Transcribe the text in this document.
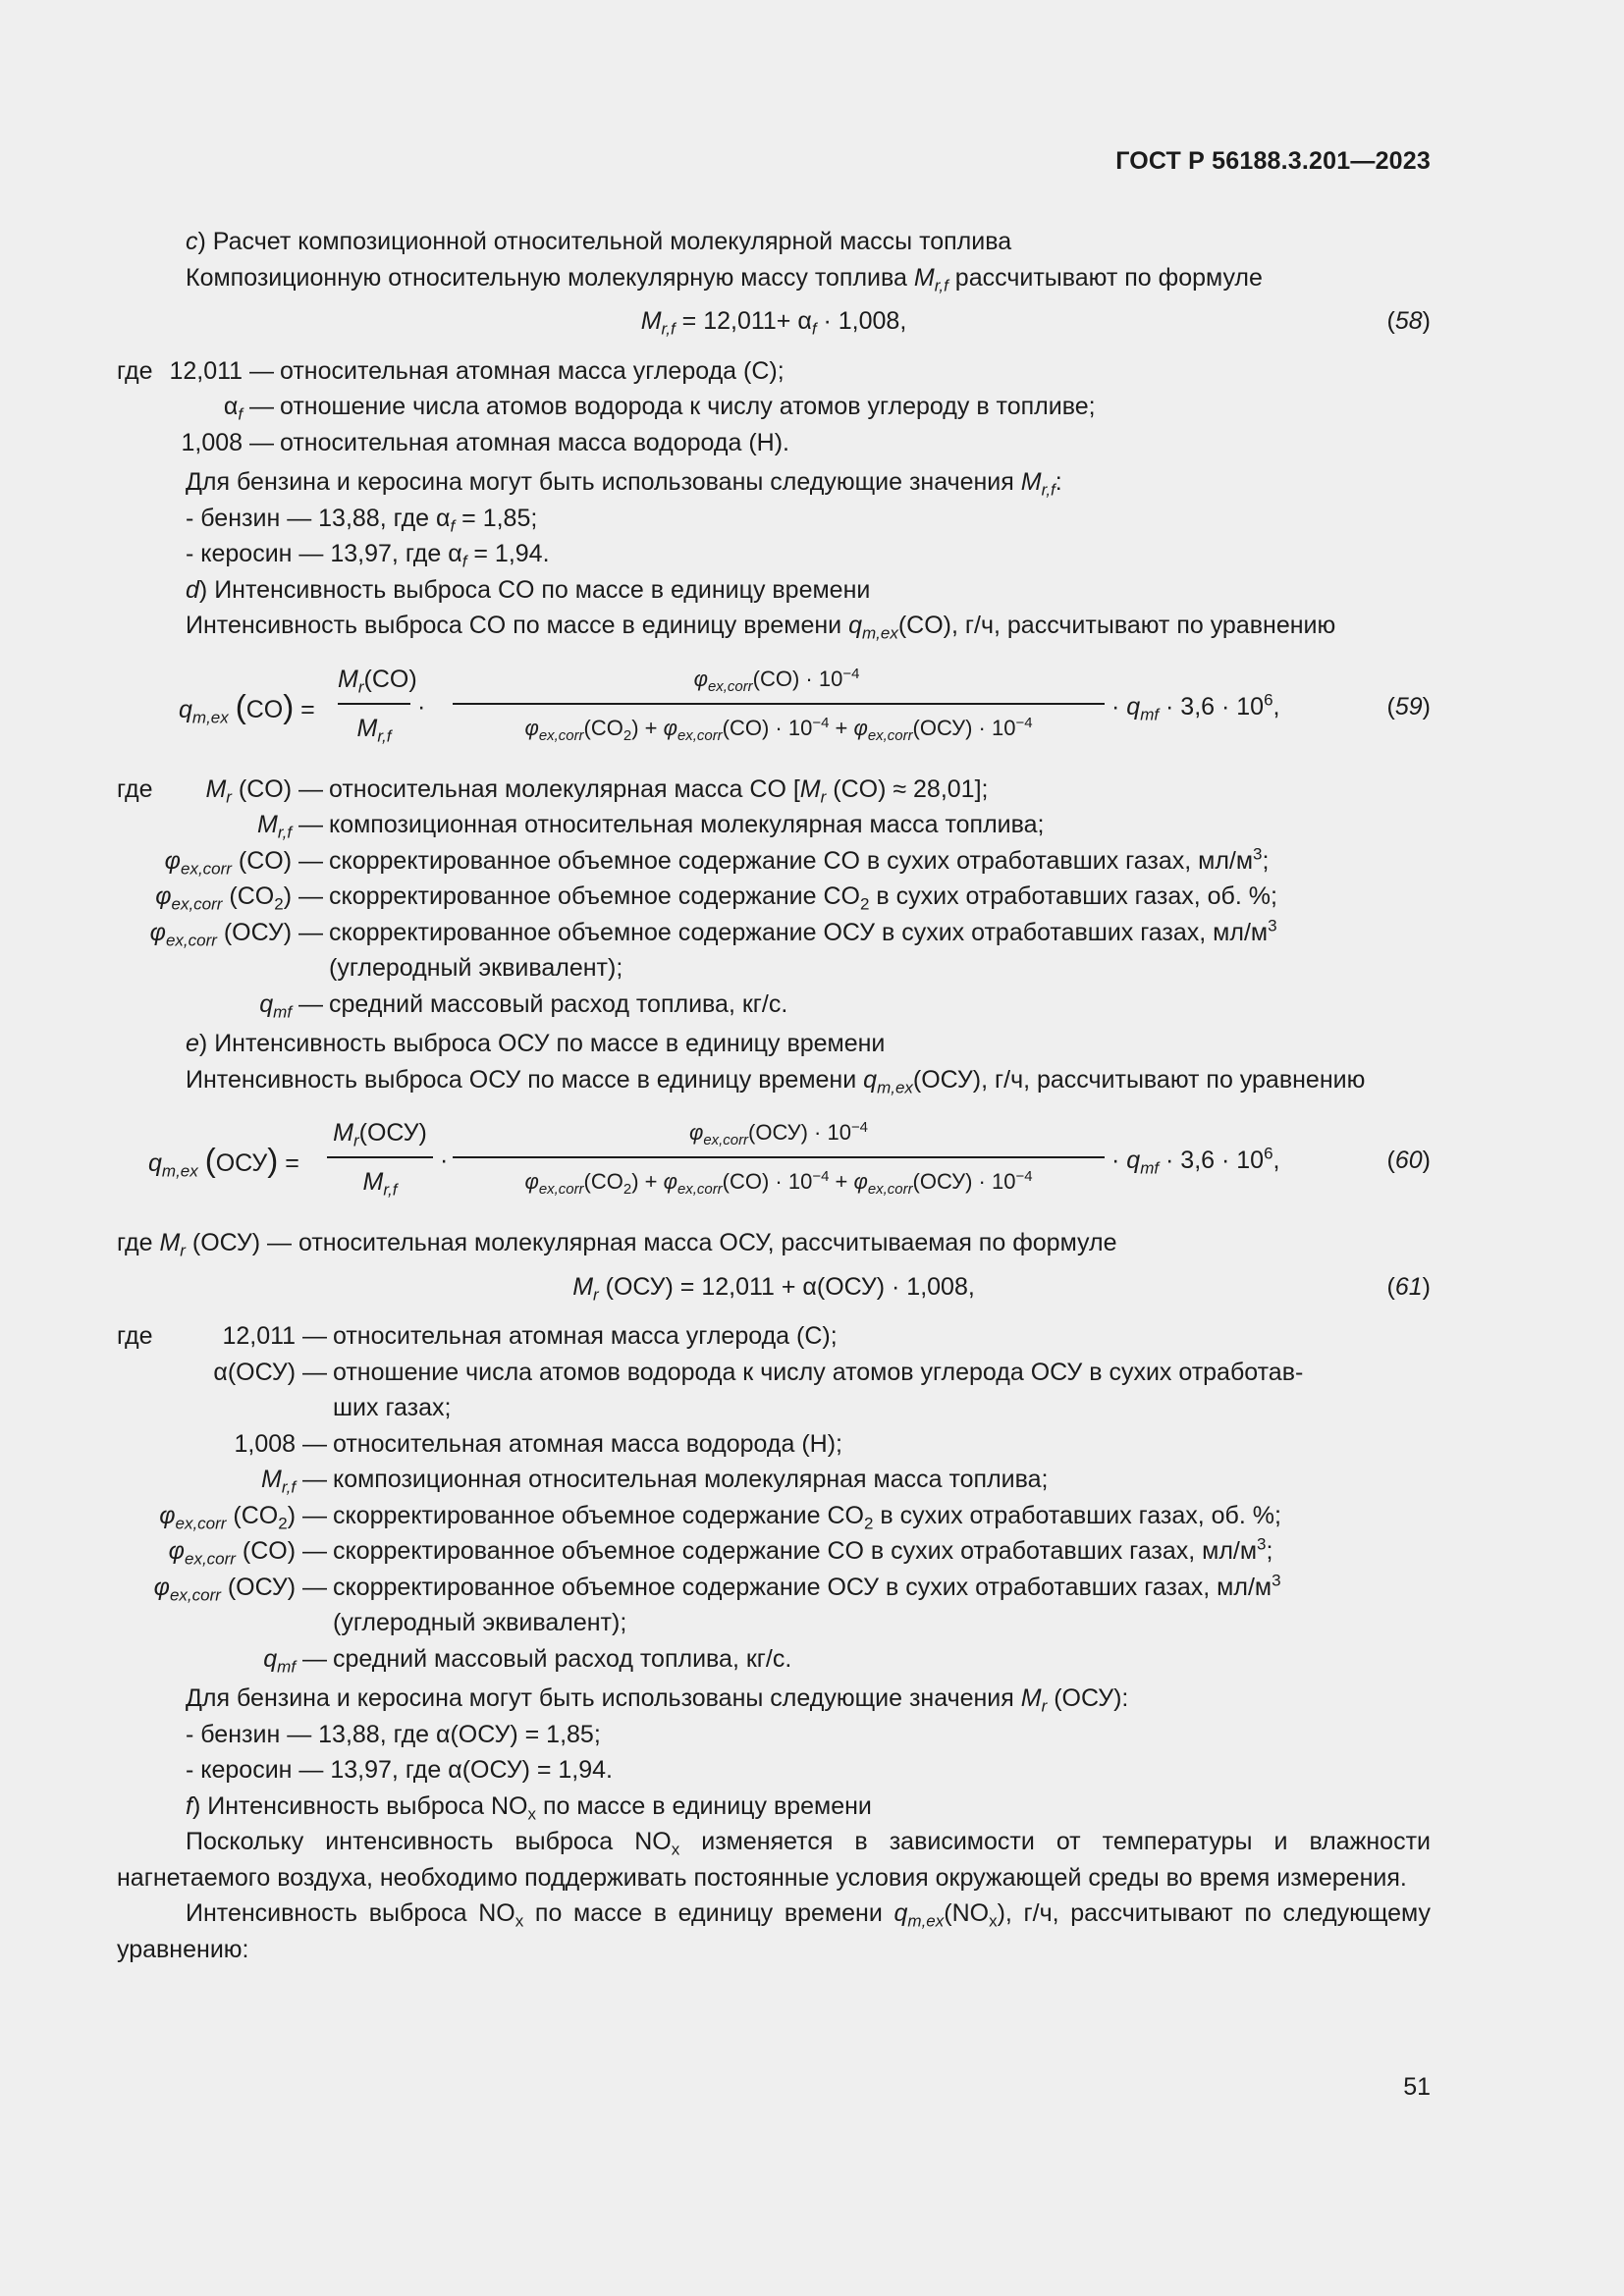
ГОСТ Р 56188.3.201—2023

c) Расчет композиционной относительной молекулярной массы топлива

Композиционную относительную молекулярную массу топлива $M_{r,f}$ рассчитывают по формуле

$M_{r,f} = 12,011+ \alpha_f \cdot 1,008$,	(58)
где 12,011 — относительная атомная масса углерода (C);
$\alpha_f$ — отношение числа атомов водорода к числу атомов углероду в топливе;
1,008 — относительная атомная масса водорода (H).

Для бензина и керосина могут быть использованы следующие значения $M_{r,f}$:

- бензин — 13,88, где $\alpha_f = 1,85$;

- керосин — 13,97, где $\alpha_f = 1,94$.

d) Интенсивность выброса CO по массе в единицу времени

Интенсивность выброса CO по массе в единицу времени $q_{m,ex}(CO)$, г/ч, рассчитывают по уравнению

$q_{m,ex}$ (CO) =
$M_r(CO)$
$M_{r,f}$
·
$\varphi_{ex,corr}(CO) \cdot 10^{-4}$
$\varphi_{ex,corr}(CO_2) + \varphi_{ex,corr}(CO) \cdot 10^{-4} + \varphi_{ex,corr}(ОСУ) \cdot 10^{-4}$
· $q_{mf} \cdot 3,6 \cdot 10^6$,	(59)
где $M_r$ (CO) — относительная молекулярная масса CO [$M_r$ (CO) ≈ 28,01];
$M_{r,f}$ — композиционная относительная молекулярная масса топлива;
$\varphi_{ex,corr}$ (CO) — скорректированное объемное содержание CO в сухих отработавших газах, $мл/м^3$;
$\varphi_{ex,corr}$ $(CO_2)$ — скорректированное объемное содержание $CO_2$ в сухих отработавших газах, об. %;
$\varphi_{ex,corr}$ (ОСУ) — скорректированное объемное содержание ОСУ в сухих отработавших газах, $мл/м^3$
(углеродный эквивалент);
$q_{mf}$ — средний массовый расход топлива, кг/с.

e) Интенсивность выброса ОСУ по массе в единицу времени

Интенсивность выброса ОСУ по массе в единицу времени $q_{m,ex}(ОСУ)$, г/ч, рассчитывают по уравнению

$q_{m,ex}$ (ОСУ) =
$M_r(ОСУ)$
$M_{r,f}$
·
$\varphi_{ex,corr}(ОСУ) \cdot 10^{-4}$
$\varphi_{ex,corr}(CO_2) + \varphi_{ex,corr}(CO) \cdot 10^{-4} + \varphi_{ex,corr}(ОСУ) \cdot 10^{-4}$
· $q_{mf} \cdot 3,6 \cdot 10^6$,	(60)

где $M_r$ (ОСУ) — относительная молекулярная масса ОСУ, рассчитываемая по формуле

$M_r$ (ОСУ) = 12,011 + α(ОСУ) · 1,008,	(61)
где	12,011 — относительная атомная масса углерода (C);
α(ОСУ) — отношение числа атомов водорода к числу атомов углерода ОСУ в сухих отработав-
ших газах;
1,008 — относительная атомная масса водорода (H);
$M_{r,f}$ — композиционная относительная молекулярная масса топлива;
$\varphi_{ex,corr}$ $(CO_2)$ — скорректированное объемное содержание $CO_2$ в сухих отработавших газах, об. %;
$\varphi_{ex,corr}$ (CO) — скорректированное объемное содержание CO в сухих отработавших газах, $мл/м^3$;
$\varphi_{ex,corr}$ (ОСУ) — скорректированное объемное содержание ОСУ в сухих отработавших газах, $мл/м^3$
(углеродный эквивалент);
$q_{mf}$ — средний массовый расход топлива, кг/с.

Для бензина и керосина могут быть использованы следующие значения $M_r$ (ОСУ):

- бензин — 13,88, где α(ОСУ) = 1,85;

- керосин — 13,97, где α(ОСУ) = 1,94.

f) Интенсивность выброса $NO_x$ по массе в единицу времени

Поскольку интенсивность выброса $NO_x$ изменяется в зависимости от температуры и влажности нагнетаемого воздуха, необходимо поддерживать постоянные условия окружающей среды во время измерения.

Интенсивность выброса $NO_x$ по массе в единицу времени $q_{m,ex}(NO_x)$, г/ч, рассчитывают по следующему уравнению:

51
